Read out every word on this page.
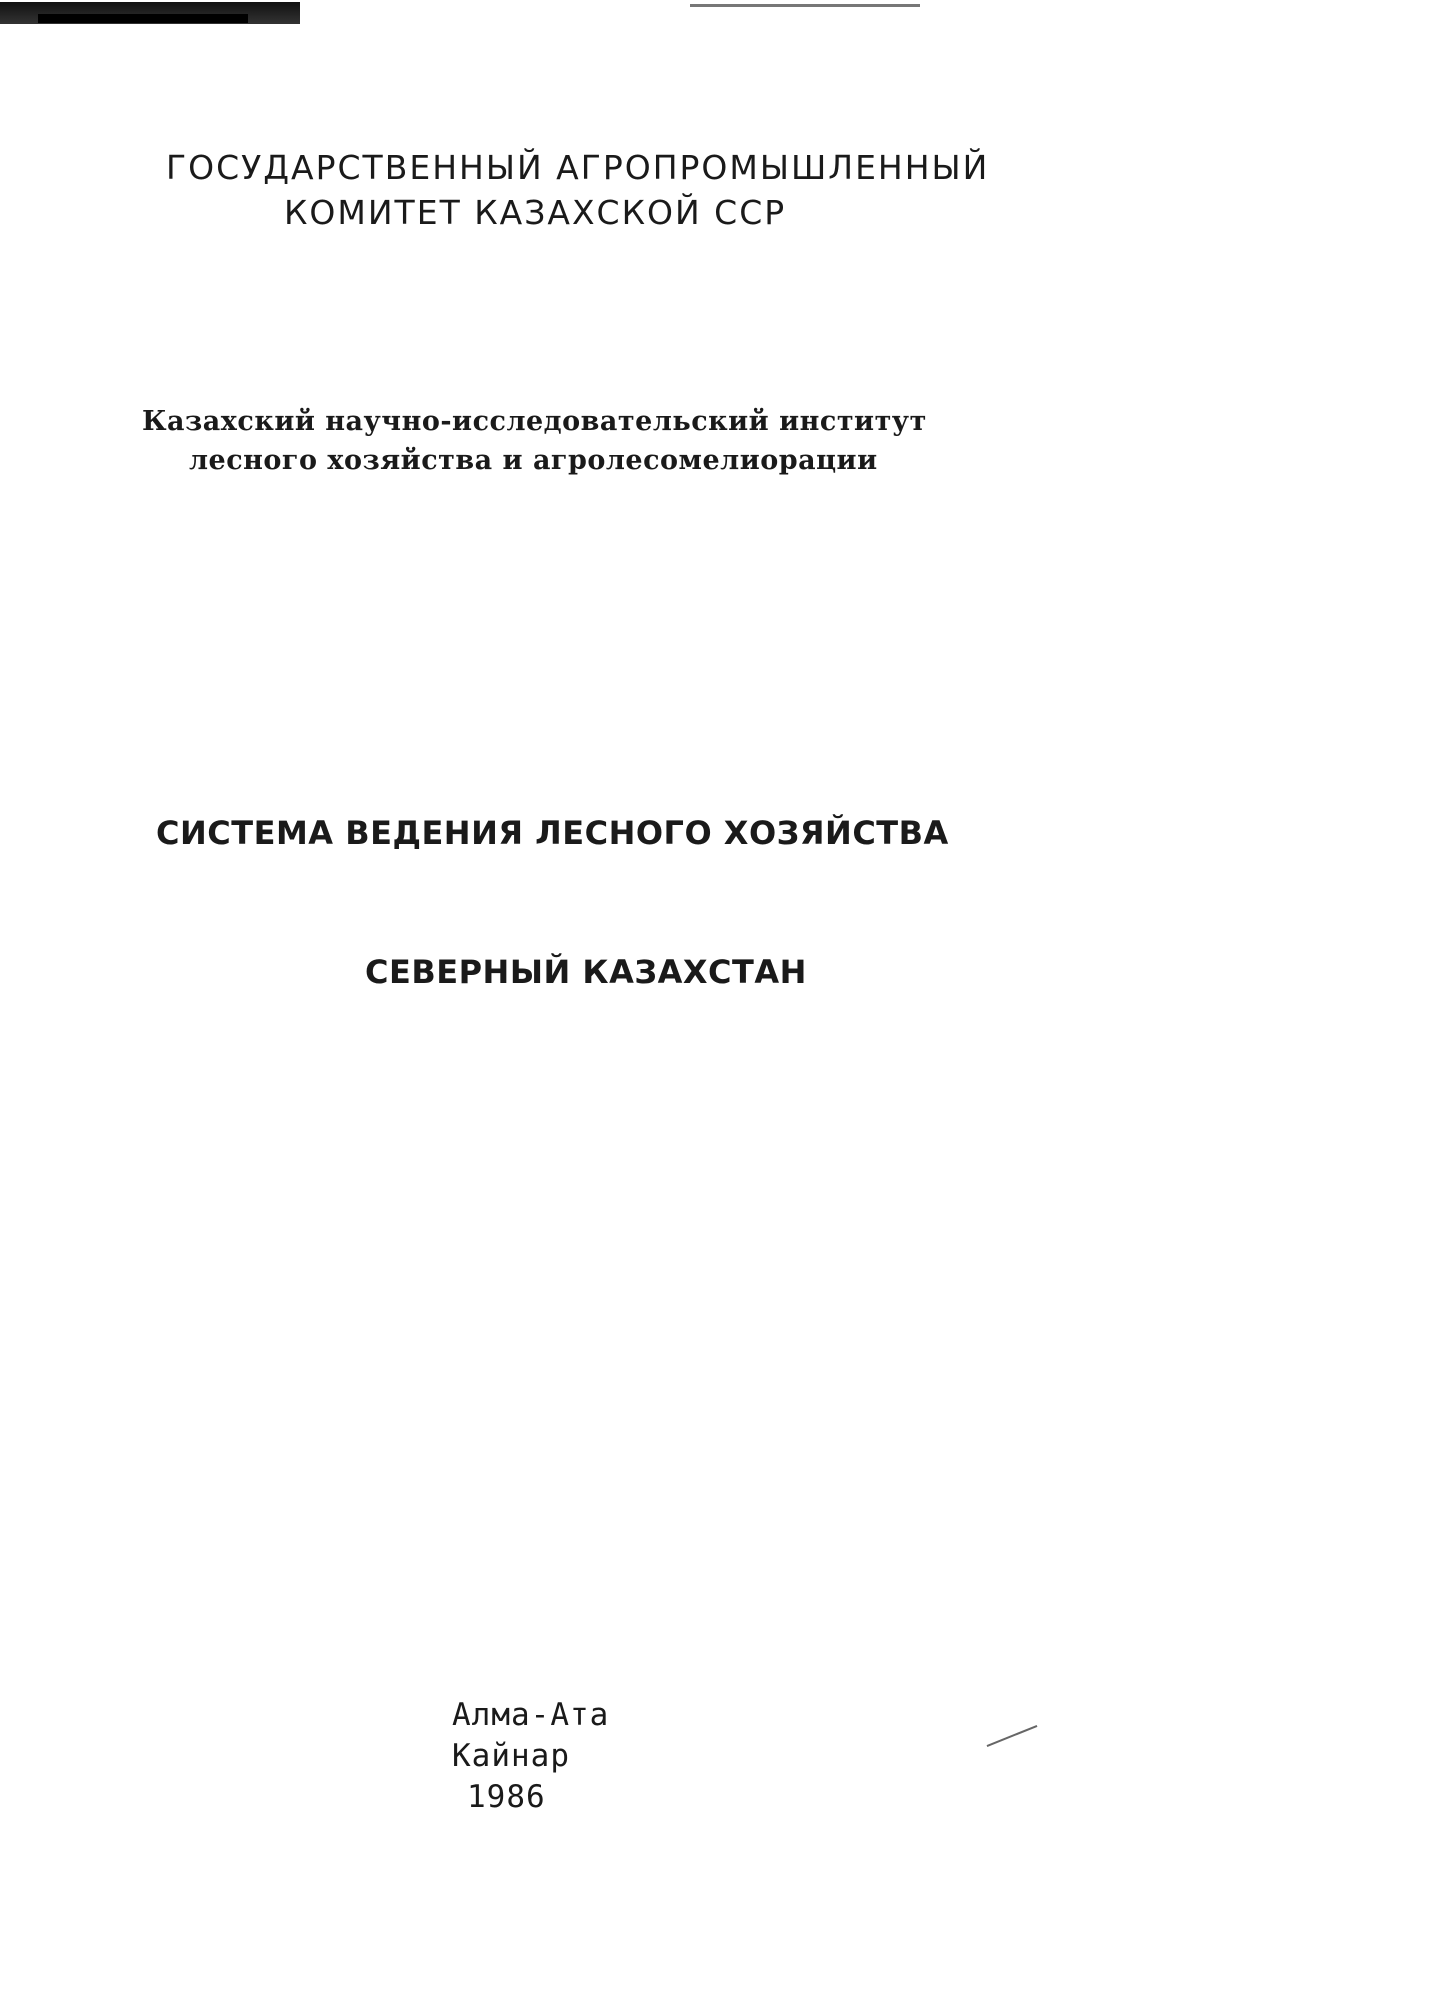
ГОСУДАРСТВЕННЫЙ АГРОПРОМЫШЛЕННЫЙ

КОМИТЕТ КАЗАХСКОЙ ССР

Казахский научно-исследовательский институт

лесного хозяйства и агролесомелиорации

СИСТЕМА ВЕДЕНИЯ ЛЕСНОГО ХОЗЯЙСТВА
СЕВЕРНЫЙ КАЗАХСТАН

Алма-Ата

Кайнар

1986
